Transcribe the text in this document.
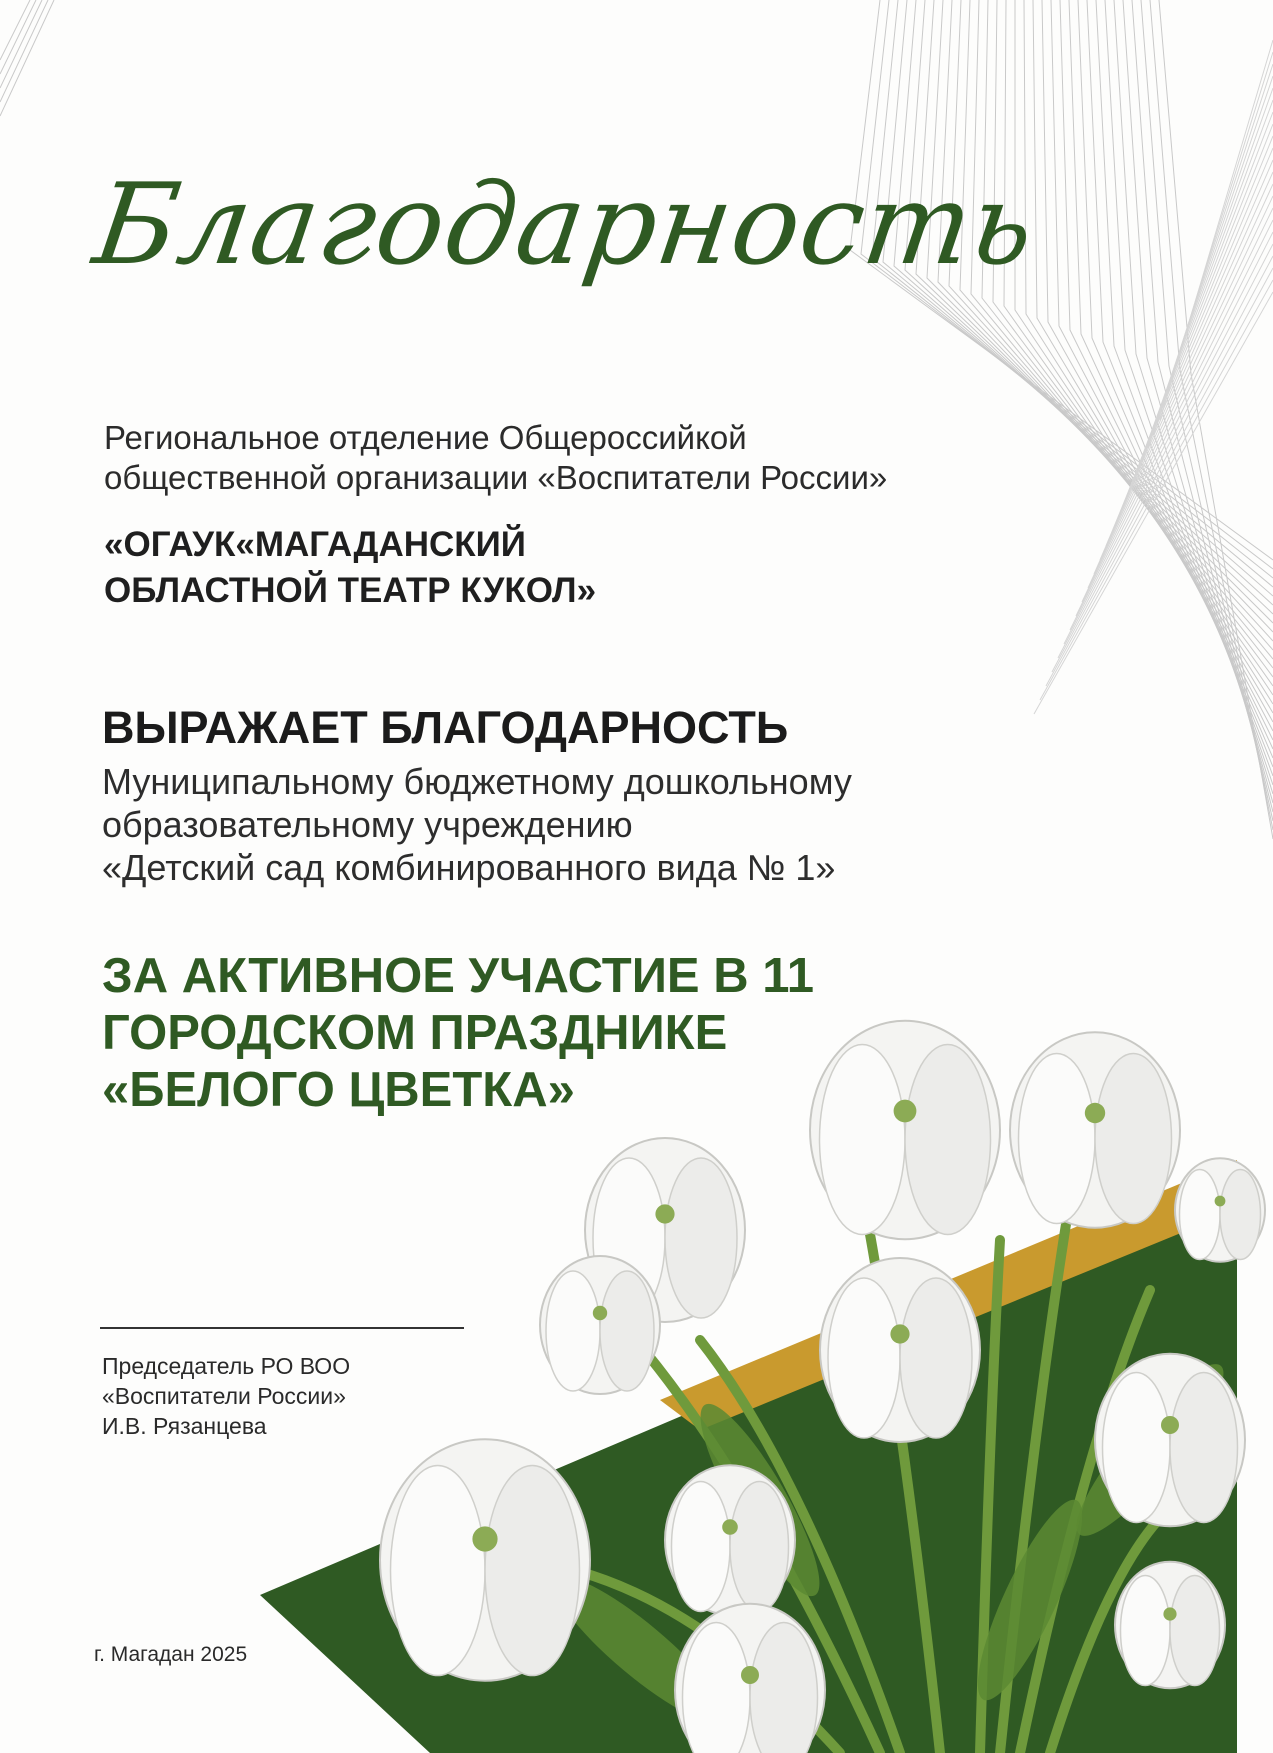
Благодарность
Региональное отделение Общероссийкой
общественной организации «Воспитатели России»
«ОГАУК«МАГАДАНСКИЙ
ОБЛАСТНОЙ ТЕАТР КУКОЛ»
ВЫРАЖАЕТ БЛАГОДАРНОСТЬ
Муниципальному бюджетному дошкольному
образовательному учреждению
«Детский сад комбинированного вида № 1»
ЗА АКТИВНОЕ УЧАСТИЕ В 11
ГОРОДСКОМ ПРАЗДНИКЕ
«БЕЛОГО ЦВЕТКА»
Председатель РО ВОО
«Воспитатели России»
И.В. Рязанцева
г. Магадан 2025
